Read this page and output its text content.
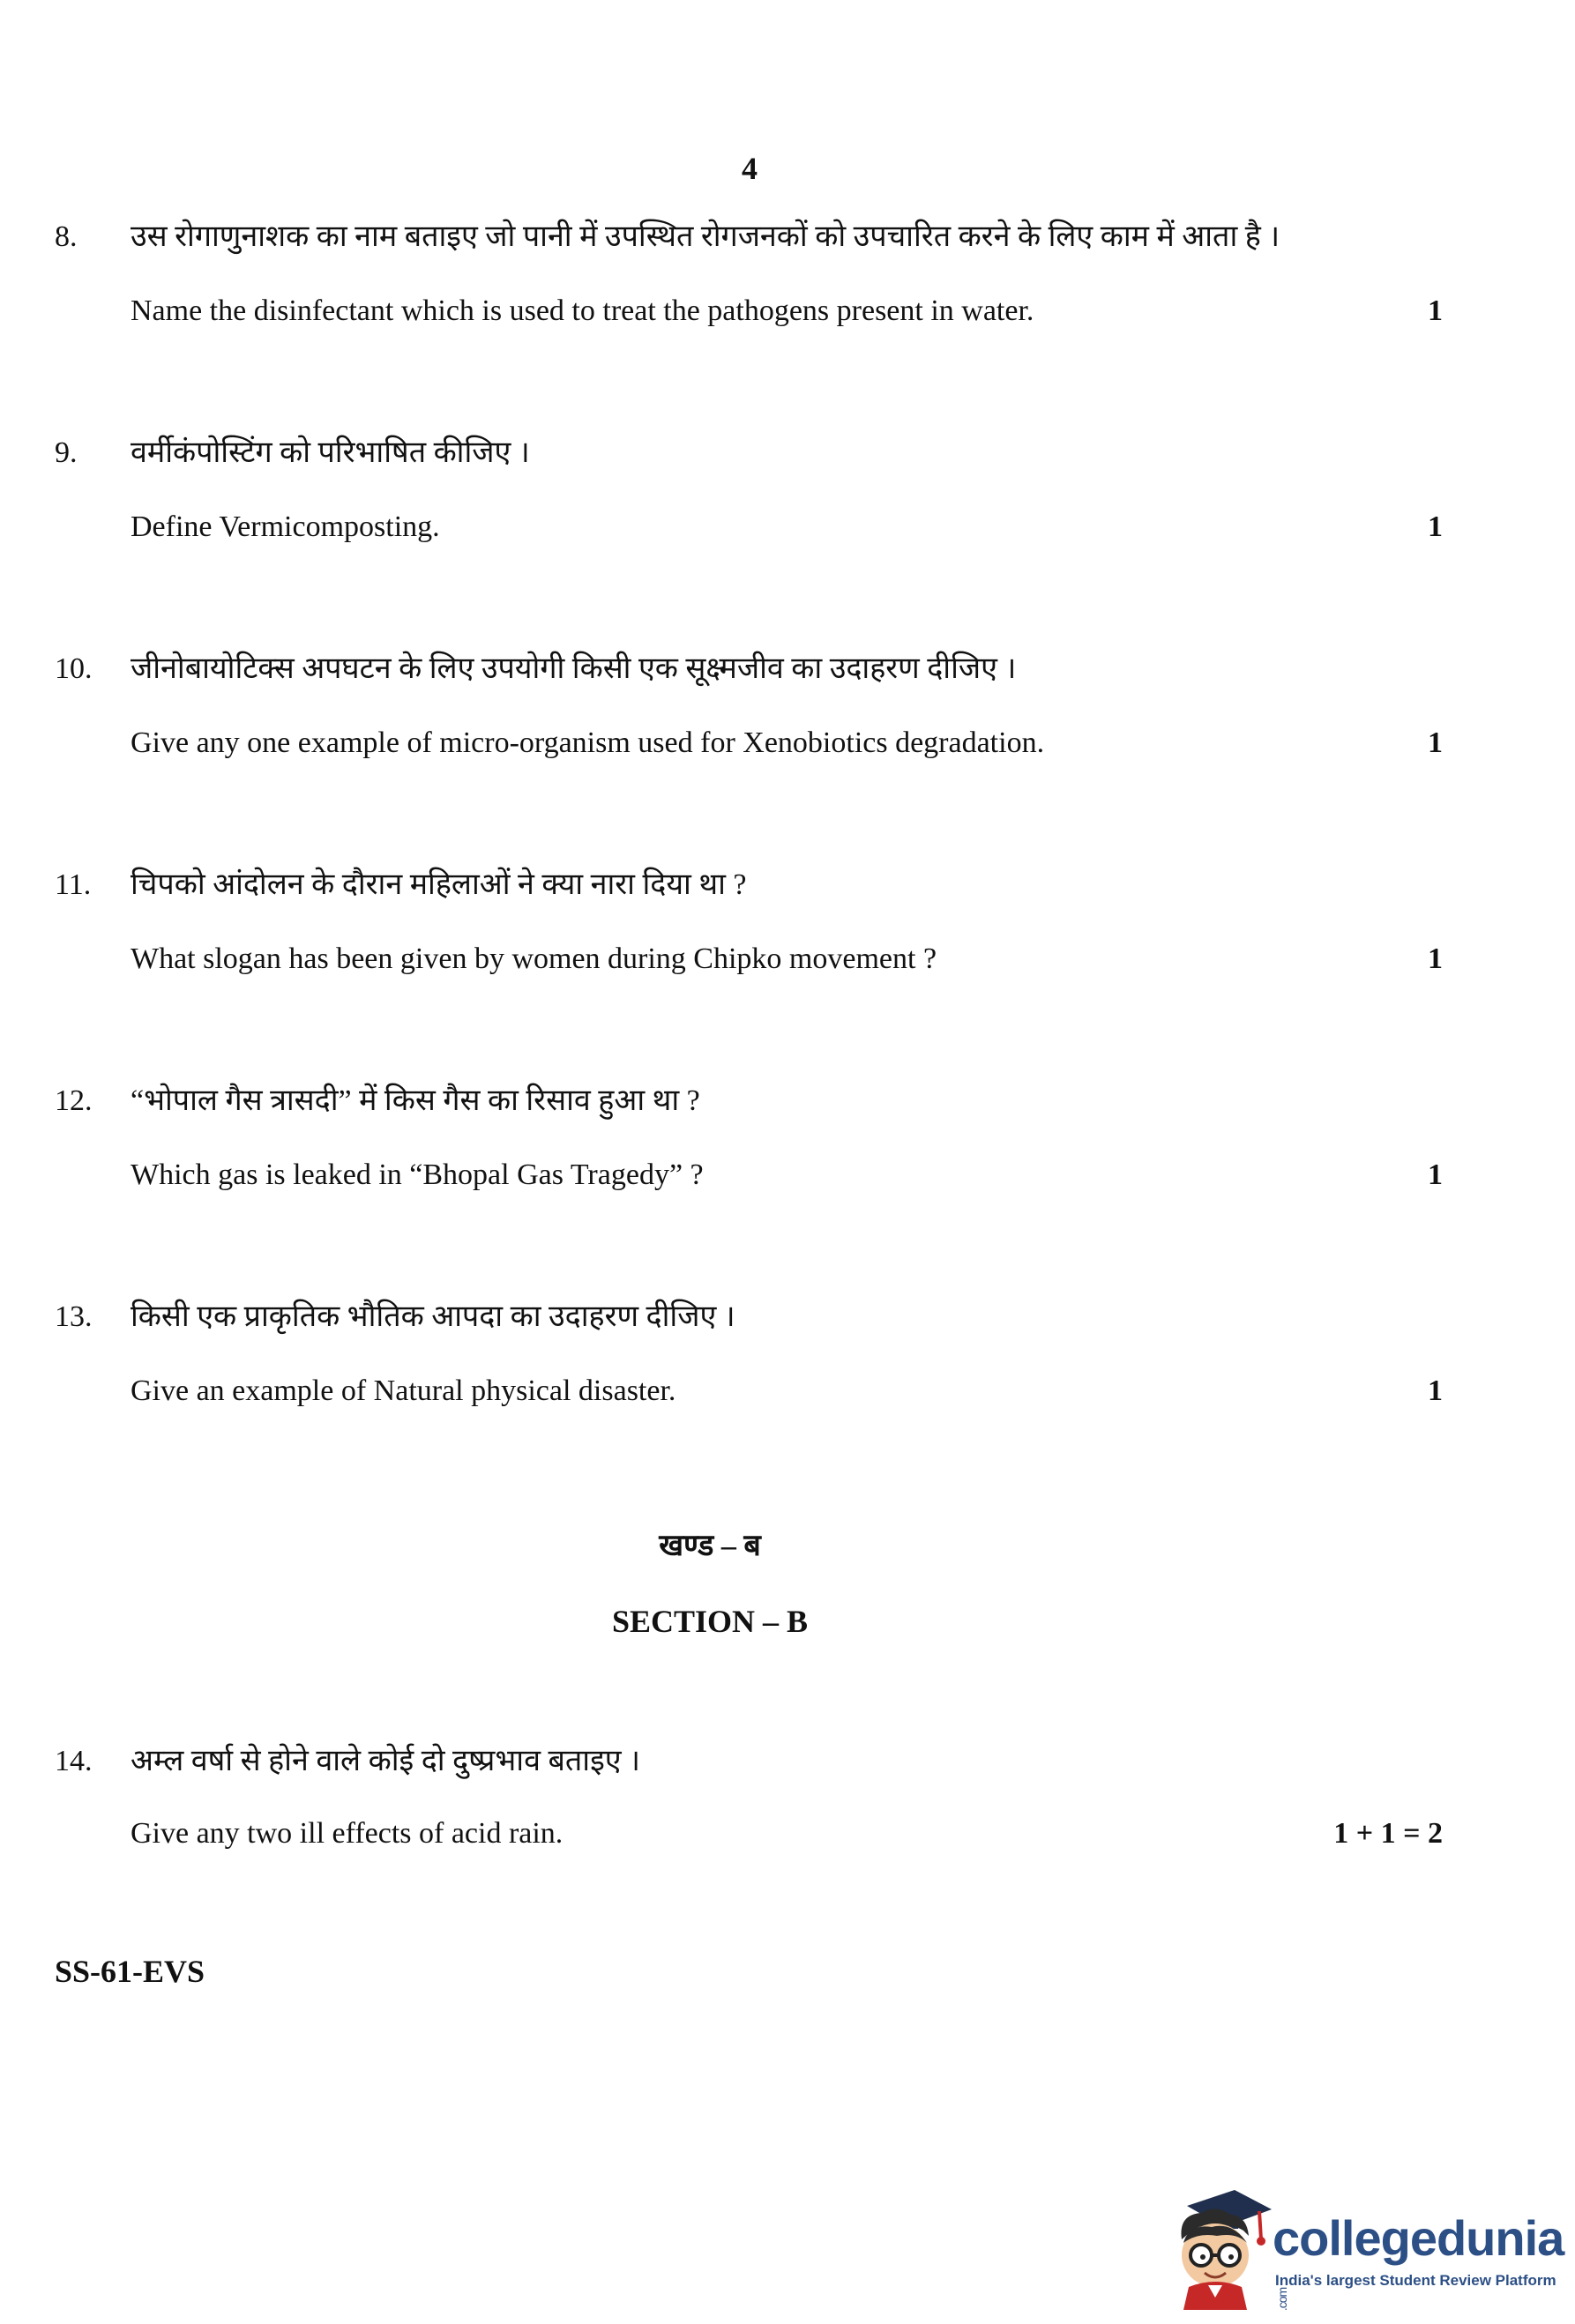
4
8. उस रोगाणुनाशक का नाम बताइए जो पानी में उपस्थित रोगजनकों को उपचारित करने के लिए काम में आता है ।
Name the disinfectant which is used to treat the pathogens present in water.	1
9. वर्मीकंपोस्टिंग को परिभाषित कीजिए ।
Define Vermicomposting.	1
10. जीनोबायोटिक्स अपघटन के लिए उपयोगी किसी एक सूक्ष्मजीव का उदाहरण दीजिए ।
Give any one example of micro-organism used for Xenobiotics degradation.	1
11. चिपको आंदोलन के दौरान महिलाओं ने क्या नारा दिया था ?
What slogan has been given by women during Chipko movement ?	1
12. “भोपाल गैस त्रासदी” में किस गैस का रिसाव हुआ था ?
Which gas is leaked in “Bhopal Gas Tragedy” ?	1
13. किसी एक प्राकृतिक भौतिक आपदा का उदाहरण दीजिए ।
Give an example of Natural physical disaster.	1
खण्ड – ब
SECTION – B
14. अम्ल वर्षा से होने वाले कोई दो दुष्प्रभाव बताइए ।
Give any two ill effects of acid rain.	1 + 1 = 2
SS-61-EVS
collegedunia.com
India's largest Student Review Platform
